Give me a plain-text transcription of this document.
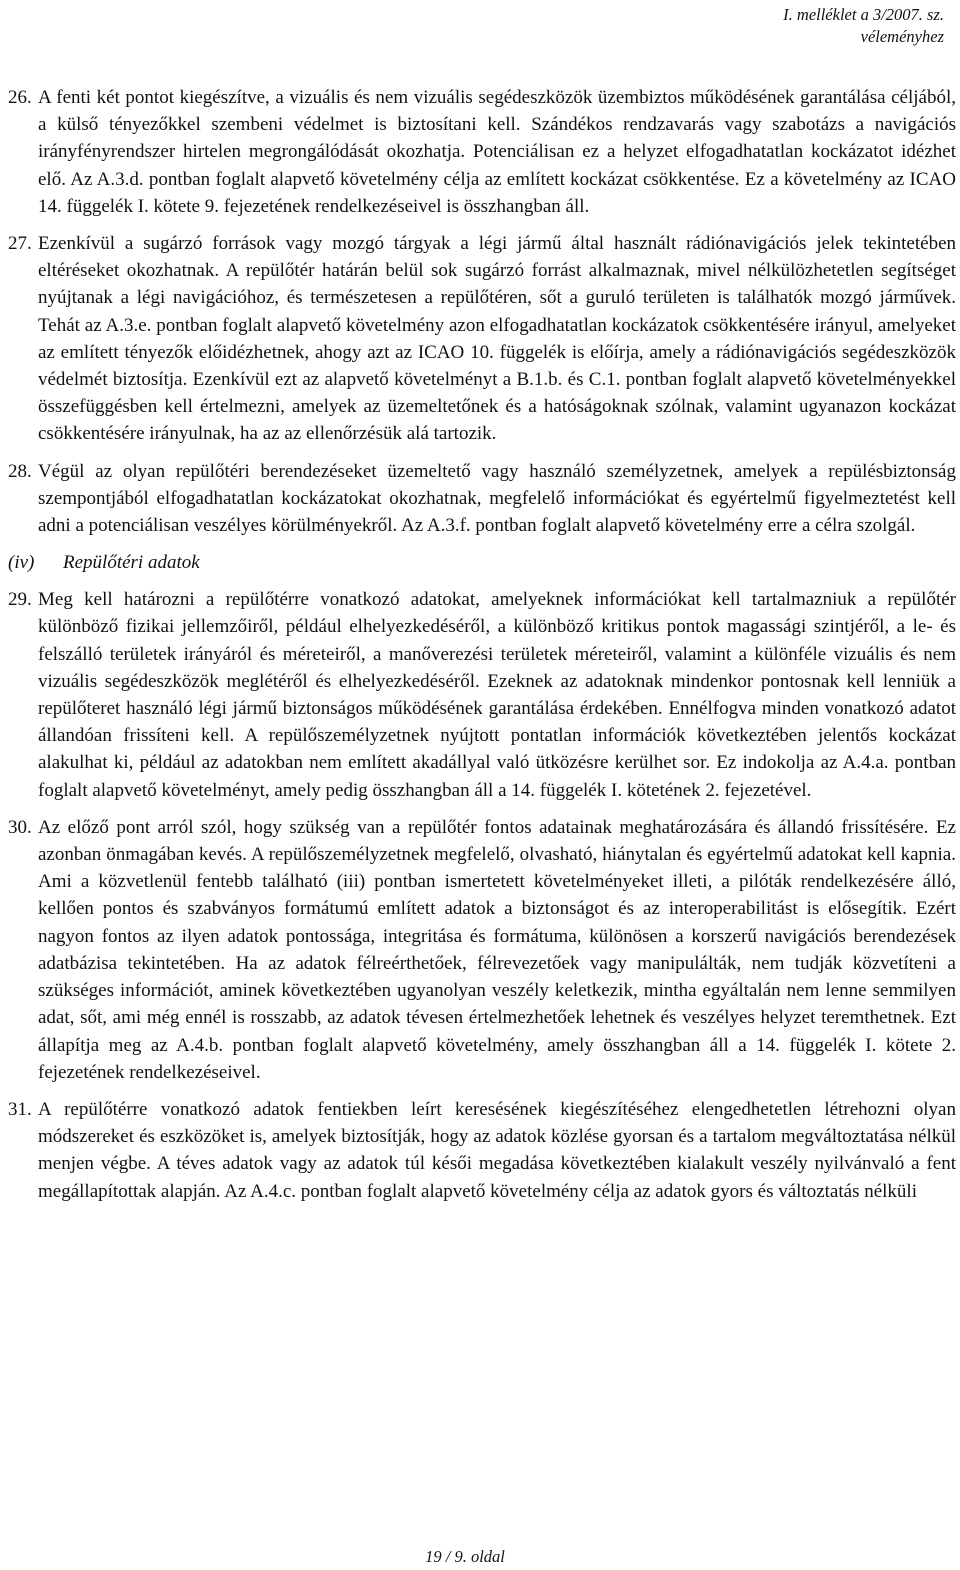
I. melléklet a 3/2007. sz.
véleményhez
26. A fenti két pontot kiegészítve, a vizuális és nem vizuális segédeszközök üzembiztos működésének garantálása céljából, a külső tényezőkkel szembeni védelmet is biztosítani kell. Szándékos rendzavarás vagy szabotázs a navigációs irányfényrendszer hirtelen megrongálódását okozhatja. Potenciálisan ez a helyzet elfogadhatatlan kockázatot idézhet elő. Az A.3.d. pontban foglalt alapvető követelmény célja az említett kockázat csökkentése. Ez a követelmény az ICAO 14. függelék I. kötete 9. fejezetének rendelkezéseivel is összhangban áll.
27. Ezenkívül a sugárzó források vagy mozgó tárgyak a légi jármű által használt rádiónavigációs jelek tekintetében eltéréseket okozhatnak. A repülőtér határán belül sok sugárzó forrást alkalmaznak, mivel nélkülözhetetlen segítséget nyújtanak a légi navigációhoz, és természetesen a repülőtéren, sőt a guruló területen is találhatók mozgó járművek. Tehát az A.3.e. pontban foglalt alapvető követelmény azon elfogadhatatlan kockázatok csökkentésére irányul, amelyeket az említett tényezők előidézhetnek, ahogy azt az ICAO 10. függelék is előírja, amely a rádiónavigációs segédeszközök védelmét biztosítja. Ezenkívül ezt az alapvető követelményt a B.1.b. és C.1. pontban foglalt alapvető követelményekkel összefüggésben kell értelmezni, amelyek az üzemeltetőnek és a hatóságoknak szólnak, valamint ugyanazon kockázat csökkentésére irányulnak, ha az az ellenőrzésük alá tartozik.
28. Végül az olyan repülőtéri berendezéseket üzemeltető vagy használó személyzetnek, amelyek a repülésbiztonság szempontjából elfogadhatatlan kockázatokat okozhatnak, megfelelő információkat és egyértelmű figyelmeztetést kell adni a potenciálisan veszélyes körülményekről. Az A.3.f. pontban foglalt alapvető követelmény erre a célra szolgál.
(iv) Repülőtéri adatok
29. Meg kell határozni a repülőtérre vonatkozó adatokat, amelyeknek információkat kell tartalmazniuk a repülőtér különböző fizikai jellemzőiről, például elhelyezkedéséről, a különböző kritikus pontok magassági szintjéről, a le- és felszálló területek irányáról és méreteiről, a manőverezési területek méreteiről, valamint a különféle vizuális és nem vizuális segédeszközök meglétéről és elhelyezkedéséről. Ezeknek az adatoknak mindenkor pontosnak kell lenniük a repülőteret használó légi jármű biztonságos működésének garantálása érdekében. Ennélfogva minden vonatkozó adatot állandóan frissíteni kell. A repülőszemélyzetnek nyújtott pontatlan információk következtében jelentős kockázat alakulhat ki, például az adatokban nem említett akadállyal való ütközésre kerülhet sor. Ez indokolja az A.4.a. pontban foglalt alapvető követelményt, amely pedig összhangban áll a 14. függelék I. kötetének 2. fejezetével.
30. Az előző pont arról szól, hogy szükség van a repülőtér fontos adatainak meghatározására és állandó frissítésére. Ez azonban önmagában kevés. A repülőszemélyzetnek megfelelő, olvasható, hiánytalan és egyértelmű adatokat kell kapnia. Ami a közvetlenül fentebb található (iii) pontban ismertetett követelményeket illeti, a pilóták rendelkezésére álló, kellően pontos és szabványos formátumú említett adatok a biztonságot és az interoperabilitást is elősegítik. Ezért nagyon fontos az ilyen adatok pontossága, integritása és formátuma, különösen a korszerű navigációs berendezések adatbázisa tekintetében. Ha az adatok félreérthetőek, félrevezetőek vagy manipulálták, nem tudják közvetíteni a szükséges információt, aminek következtében ugyanolyan veszély keletkezik, mintha egyáltalán nem lenne semmilyen adat, sőt, ami még ennél is rosszabb, az adatok tévesen értelmezhetőek lehetnek és veszélyes helyzet teremthetnek. Ezt állapítja meg az A.4.b. pontban foglalt alapvető követelmény, amely összhangban áll a 14. függelék I. kötete 2. fejezetének rendelkezéseivel.
31. A repülőtérre vonatkozó adatok fentiekben leírt keresésének kiegészítéséhez elengedhetetlen létrehozni olyan módszereket és eszközöket is, amelyek biztosítják, hogy az adatok közlése gyorsan és a tartalom megváltoztatása nélkül menjen végbe. A téves adatok vagy az adatok túl késői megadása következtében kialakult veszély nyilvánvaló a fent megállapítottak alapján. Az A.4.c. pontban foglalt alapvető követelmény célja az adatok gyors és változtatás nélküli
19 / 9. oldal
